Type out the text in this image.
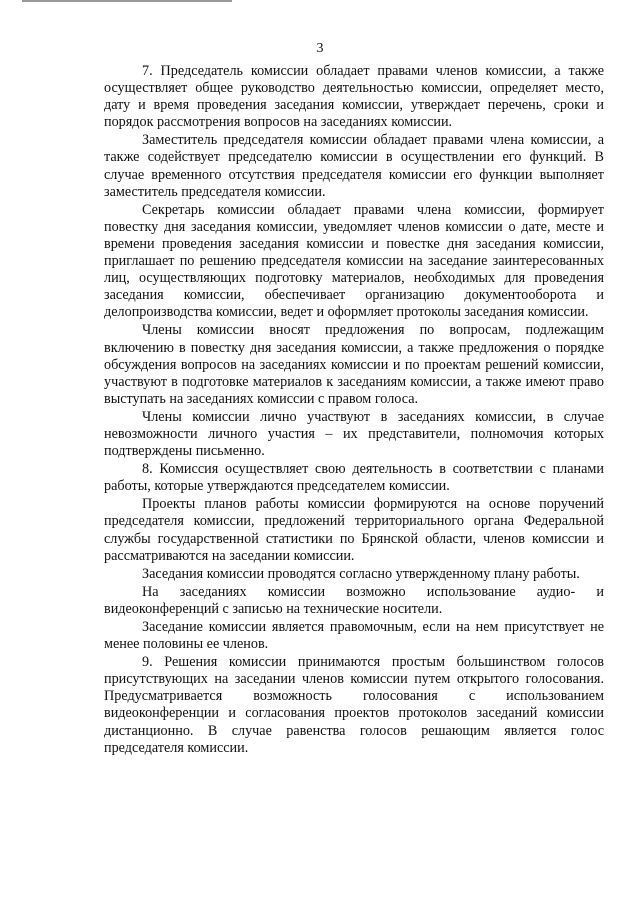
3

7. Председатель комиссии обладает правами членов комиссии, а также осуществляет общее руководство деятельностью комиссии, определяет место, дату и время проведения заседания комиссии, утверждает перечень, сроки и порядок рассмотрения вопросов на заседаниях комиссии.

Заместитель председателя комиссии обладает правами члена комиссии, а также содействует председателю комиссии в осуществлении его функций. В случае временного отсутствия председателя комиссии его функции выполняет заместитель председателя комиссии.

Секретарь комиссии обладает правами члена комиссии, формирует повестку дня заседания комиссии, уведомляет членов комиссии о дате, месте и времени проведения заседания комиссии и повестке дня заседания комиссии, приглашает по решению председателя комиссии на заседание заинтересованных лиц, осуществляющих подготовку материалов, необходимых для проведения заседания комиссии, обеспечивает организацию документооборота и делопроизводства комиссии, ведет и оформляет протоколы заседания комиссии.

Члены комиссии вносят предложения по вопросам, подлежащим включению в повестку дня заседания комиссии, а также предложения о порядке обсуждения вопросов на заседаниях комиссии и по проектам решений комиссии, участвуют в подготовке материалов к заседаниям комиссии, а также имеют право выступать на заседаниях комиссии с правом голоса.

Члены комиссии лично участвуют в заседаниях комиссии, в случае невозможности личного участия – их представители, полномочия которых подтверждены письменно.

8. Комиссия осуществляет свою деятельность в соответствии с планами работы, которые утверждаются председателем комиссии.

Проекты планов работы комиссии формируются на основе поручений председателя комиссии, предложений территориального органа Федеральной службы государственной статистики по Брянской области, членов комиссии и рассматриваются на заседании комиссии.

Заседания комиссии проводятся согласно утвержденному плану работы.

На заседаниях комиссии возможно использование аудио- и видеоконференций с записью на технические носители.

Заседание комиссии является правомочным, если на нем присутствует не менее половины ее членов.

9. Решения комиссии принимаются простым большинством голосов присутствующих на заседании членов комиссии путем открытого голосования. Предусматривается возможность голосования с использованием видеоконференции и согласования проектов протоколов заседаний комиссии дистанционно. В случае равенства голосов решающим является голос председателя комиссии.
